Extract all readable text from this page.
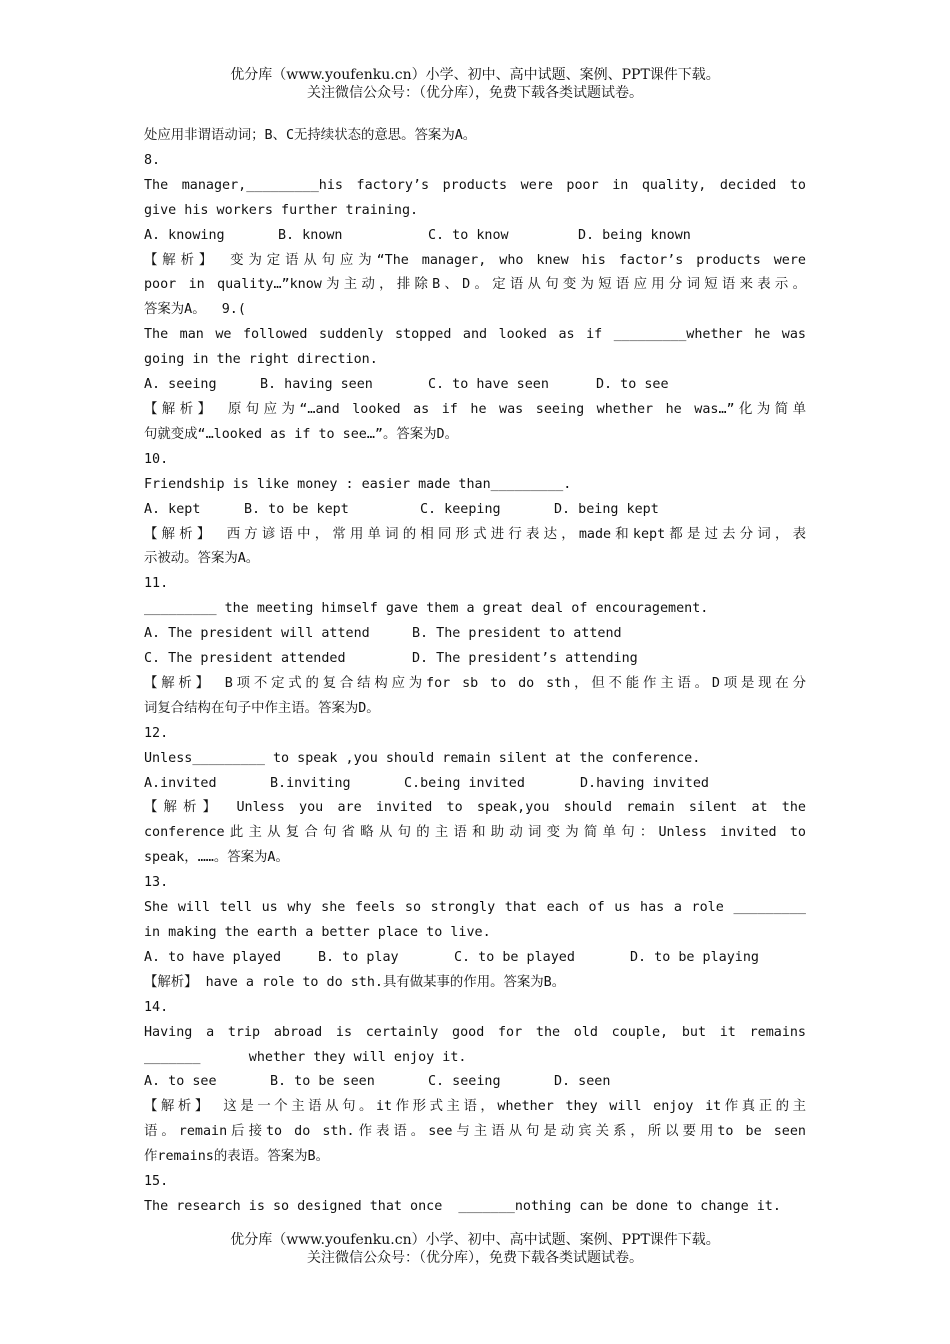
优分库（www.youfenku.cn）小学、初中、高中试题、案例、PPT课件下载。
关注微信公众号：（优分库），免费下载各类试题试卷。

处应用非谓语动词；B、C无持续状态的意思。答案为A。

8.

The manager,_________his factory’s products were poor in quality, decided to

give his workers further training.

A. knowing	B. known	C. to know	D. being known

【解析】 变为定语从句应为“The manager, who knew his factor’s products were

poor in quality…”know为主动，排除B、D。定语从句变为短语应用分词短语来表示。

答案为A。  9.(

The man we followed suddenly stopped and looked as if _________whether he was

going in the right direction.

A. seeing	B. having seen	C. to have seen	D. to see

【解析】 原句应为“…and looked as if he was seeing whether he was…”化为简单

句就变成“…looked as if to see…”。答案为D。

10.

Friendship is like money : easier made than_________.

A. kept	B. to be kept	C. keeping	D. being kept

【解析】 西方谚语中，常用单词的相同形式进行表达，made和kept都是过去分词，表

示被动。答案为A。

11.

_________ the meeting himself gave them a great deal of encouragement.

A. The president will attend	B. The president to attend
C. The president attended	D. The president’s attending

【解析】 B项不定式的复合结构应为for sb to do sth，但不能作主语。D项是现在分

词复合结构在句子中作主语。答案为D。

12.

Unless_________ to speak ,you should remain silent at the conference.

A.invited	B.inviting	C.being invited	D.having invited

【解析】 Unless you are invited to speak,you should remain silent at the

conference此主从复合句省略从句的主语和助动词变为简单句：Unless invited to

speak，……。答案为A。

13.

She will tell us why she feels so strongly that each of us has a role _________

in making the earth a better place to live.

A. to have played	B. to play	C. to be played	D. to be playing

【解析】 have a role to do sth.具有做某事的作用。答案为B。

14.

Having a trip abroad is certainly good for the old couple, but it remains

_______      whether they will enjoy it.

A. to see	B. to be seen	C. seeing	D. seen

【解析】 这是一个主语从句。it作形式主语，whether they will enjoy it作真正的主

语。remain后接to do sth.作表语。see与主语从句是动宾关系，所以要用to be seen

作remains的表语。答案为B。

15.

The research is so designed that once  _______nothing can be done to change it.

优分库（www.youfenku.cn）小学、初中、高中试题、案例、PPT课件下载。
关注微信公众号：（优分库），免费下载各类试题试卷。
